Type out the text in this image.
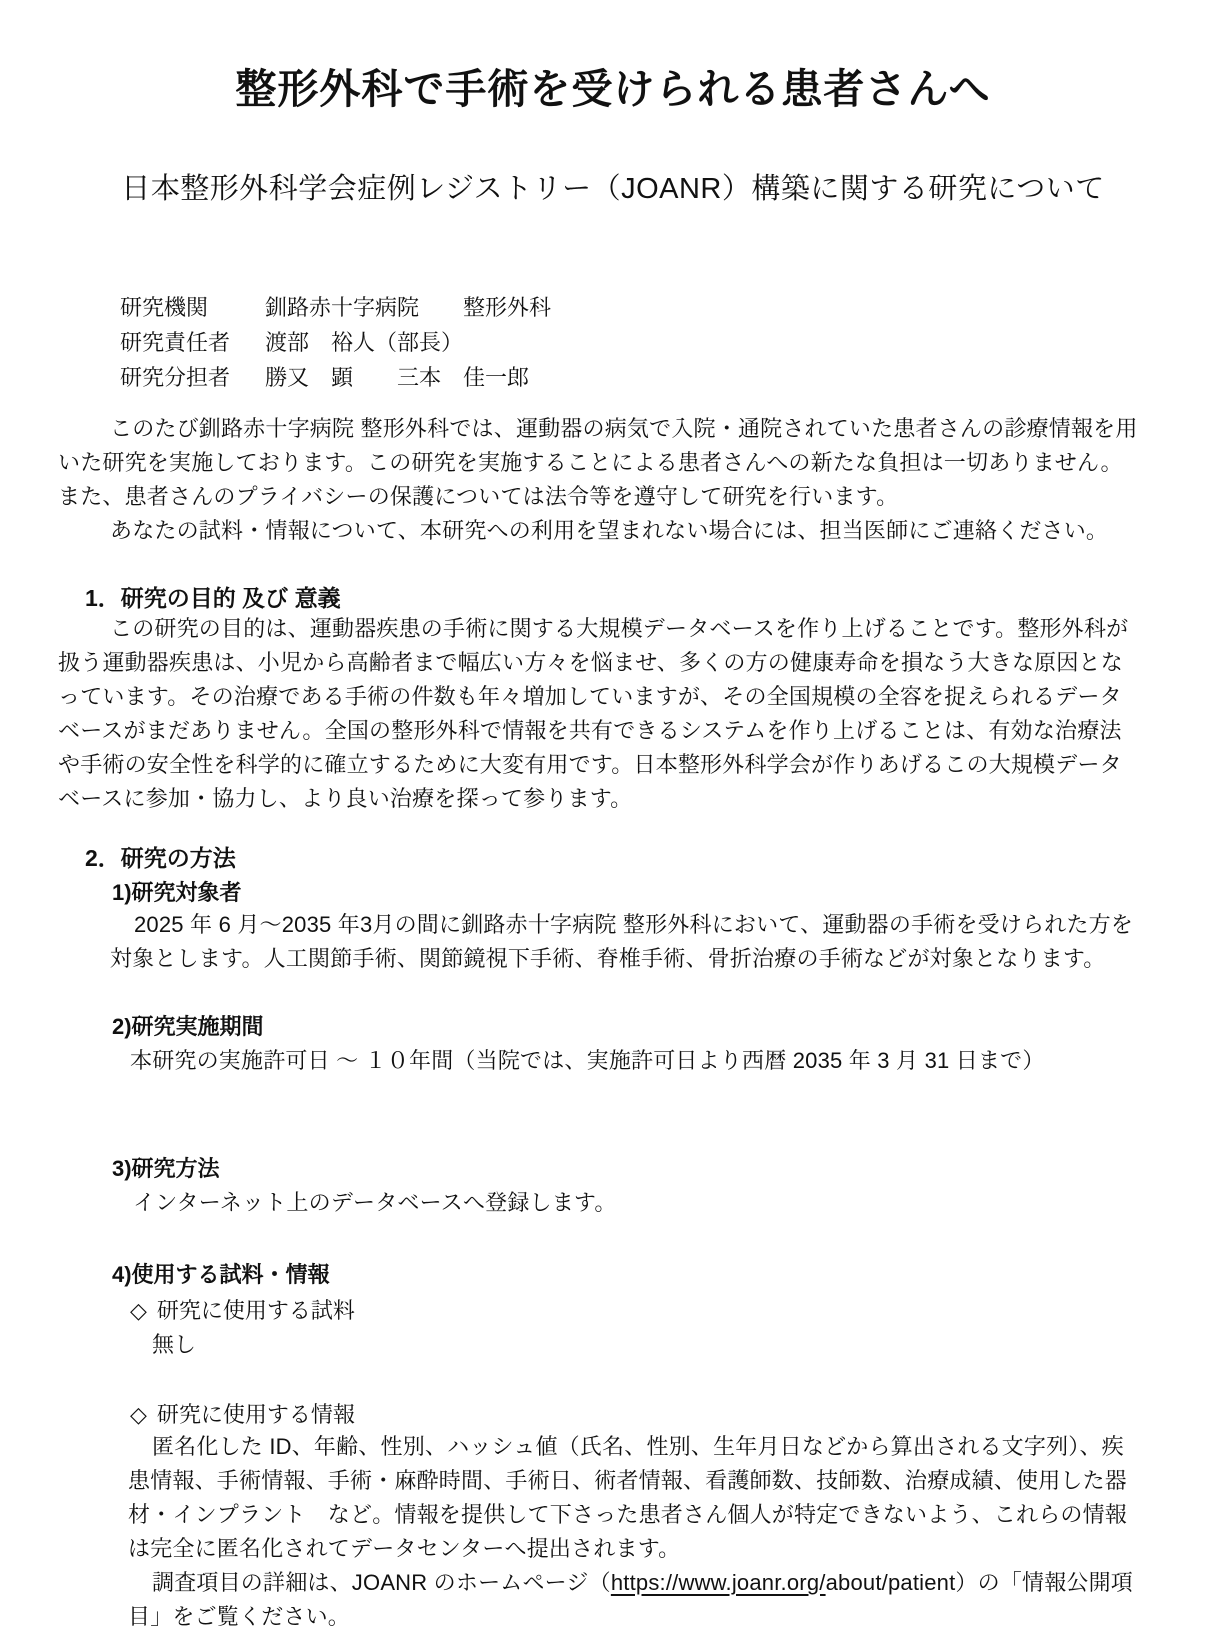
整形外科で手術を受けられる患者さんへ
日本整形外科学会症例レジストリー（JOANR）構築に関する研究について
研究機関	釧路赤十字病院　　整形外科
研究責任者	渡部　裕人（部長）
研究分担者	勝又　顕　　三本　佳一郎

このたび釧路赤十字病院 整形外科では、運動器の病気で入院・通院されていた患者さんの診療情報を用いた研究を実施しております。この研究を実施することによる患者さんへの新たな負担は一切ありません。また、患者さんのプライバシーの保護については法令等を遵守して研究を行います。

あなたの試料・情報について、本研究への利用を望まれない場合には、担当医師にご連絡ください。

1．研究の目的 及び 意義

この研究の目的は、運動器疾患の手術に関する大規模データベースを作り上げることです。整形外科が扱う運動器疾患は、小児から高齢者まで幅広い方々を悩ませ、多くの方の健康寿命を損なう大きな原因となっています。その治療である手術の件数も年々増加していますが、その全国規模の全容を捉えられるデータベースがまだありません。全国の整形外科で情報を共有できるシステムを作り上げることは、有効な治療法や手術の安全性を科学的に確立するために大変有用です。日本整形外科学会が作りあげるこの大規模データベースに参加・協力し、より良い治療を探って参ります。

2．研究の方法
1)研究対象者

2025 年 6 月～2035 年3月の間に釧路赤十字病院 整形外科において、運動器の手術を受けられた方を対象とします。人工関節手術、関節鏡視下手術、脊椎手術、骨折治療の手術などが対象となります。

2)研究実施期間

本研究の実施許可日 ～ １０年間（当院では、実施許可日より西暦 2035 年 3 月 31 日まで）

3)研究方法

インターネット上のデータベースへ登録します。

4)使用する試料・情報
◇ 研究に使用する試料
無し
◇ 研究に使用する情報

匿名化した ID、年齢、性別、ハッシュ値（氏名、性別、生年月日などから算出される文字列）、疾患情報、手術情報、手術・麻酔時間、手術日、術者情報、看護師数、技師数、治療成績、使用した器材・インプラント　など。情報を提供して下さった患者さん個人が特定できないよう、これらの情報は完全に匿名化されてデータセンターへ提出されます。

調査項目の詳細は、JOANR のホームページ（https://www.joanr.org/about/patient）の「情報公開項目」をご覧ください。
